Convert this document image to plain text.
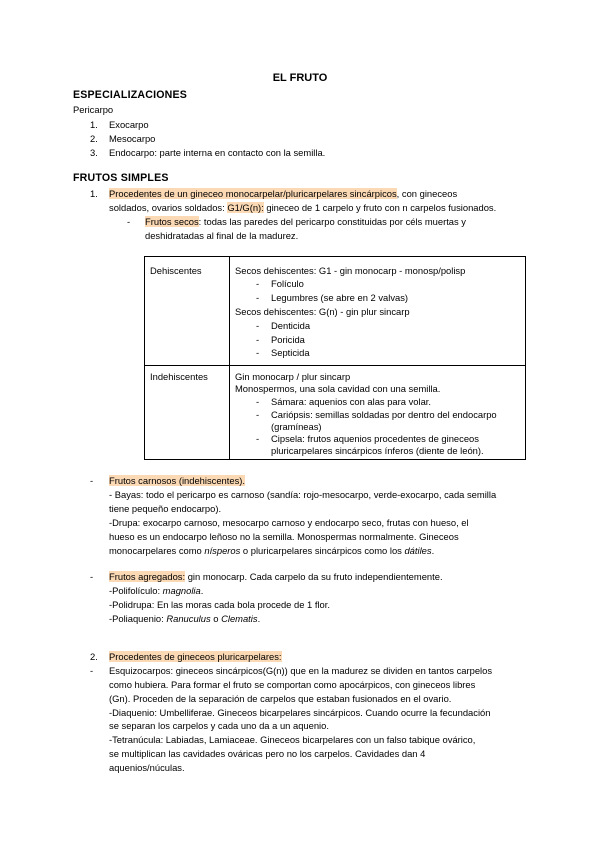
EL FRUTO
ESPECIALIZACIONES
Pericarpo
1. Exocarpo
2. Mesocarpo
3. Endocarpo: parte interna en contacto con la semilla.
FRUTOS SIMPLES
1. Procedentes de un gineceo monocarpelar/pluricarpelares sincárpicos, con gineceos
soldados, ovarios soldados: G1/G(n): gineceo de 1 carpelo y fruto con n carpelos fusionados.
- Frutos secos: todas las paredes del pericarpo constituidas por céls muertas y
deshidratadas al final de la madurez.
Dehiscentes	Secos dehiscentes: G1 - gin monocarp - monosp/polisp
- Folículo
- Legumbres (se abre en 2 valvas)
Secos dehiscentes: G(n) - gin plur sincarp
- Denticida
- Poricida
- Septicida
Indehiscentes	Gin monocarp / plur sincarp
Monospermos, una sola cavidad con una semilla.
- Sámara: aquenios con alas para volar.
- Cariópsis: semillas soldadas por dentro del endocarpo
(gramíneas)
- Cipsela: frutos aquenios procedentes de gineceos
pluricarpelares sincárpicos ínferos (diente de león).
- Frutos carnosos (indehiscentes).
- Bayas: todo el pericarpo es carnoso (sandía: rojo-mesocarpo, verde-exocarpo, cada semilla
tiene pequeño endocarpo).
-Drupa: exocarpo carnoso, mesocarpo carnoso y endocarpo seco, frutas con hueso, el
hueso es un endocarpo leñoso no la semilla. Monospermas normalmente. Gineceos
monocarpelares como nísperos o pluricarpelares sincárpicos como los dátiles.
- Frutos agregados: gin monocarp. Cada carpelo da su fruto independientemente.
-Polifolículo: magnolia.
-Polidrupa: En las moras cada bola procede de 1 flor.
-Poliaquenio: Ranuculus o Clematis.
2. Procedentes de gineceos pluricarpelares:
- Esquizocarpos: gineceos sincárpicos(G(n)) que en la madurez se dividen en tantos carpelos
como hubiera. Para formar el fruto se comportan como apocárpicos, con gineceos libres
(Gn). Proceden de la separación de carpelos que estaban fusionados en el ovario.
-Diaquenio: Umbelliferae. Gineceos bicarpelares sincárpicos. Cuando ocurre la fecundación
se separan los carpelos y cada uno da a un aquenio.
-Tetranúcula: Labiadas, Lamiaceae. Gineceos bicarpelares con un falso tabique ovárico,
se multiplican las cavidades ováricas pero no los carpelos. Cavidades dan 4
aquenios/núculas.
